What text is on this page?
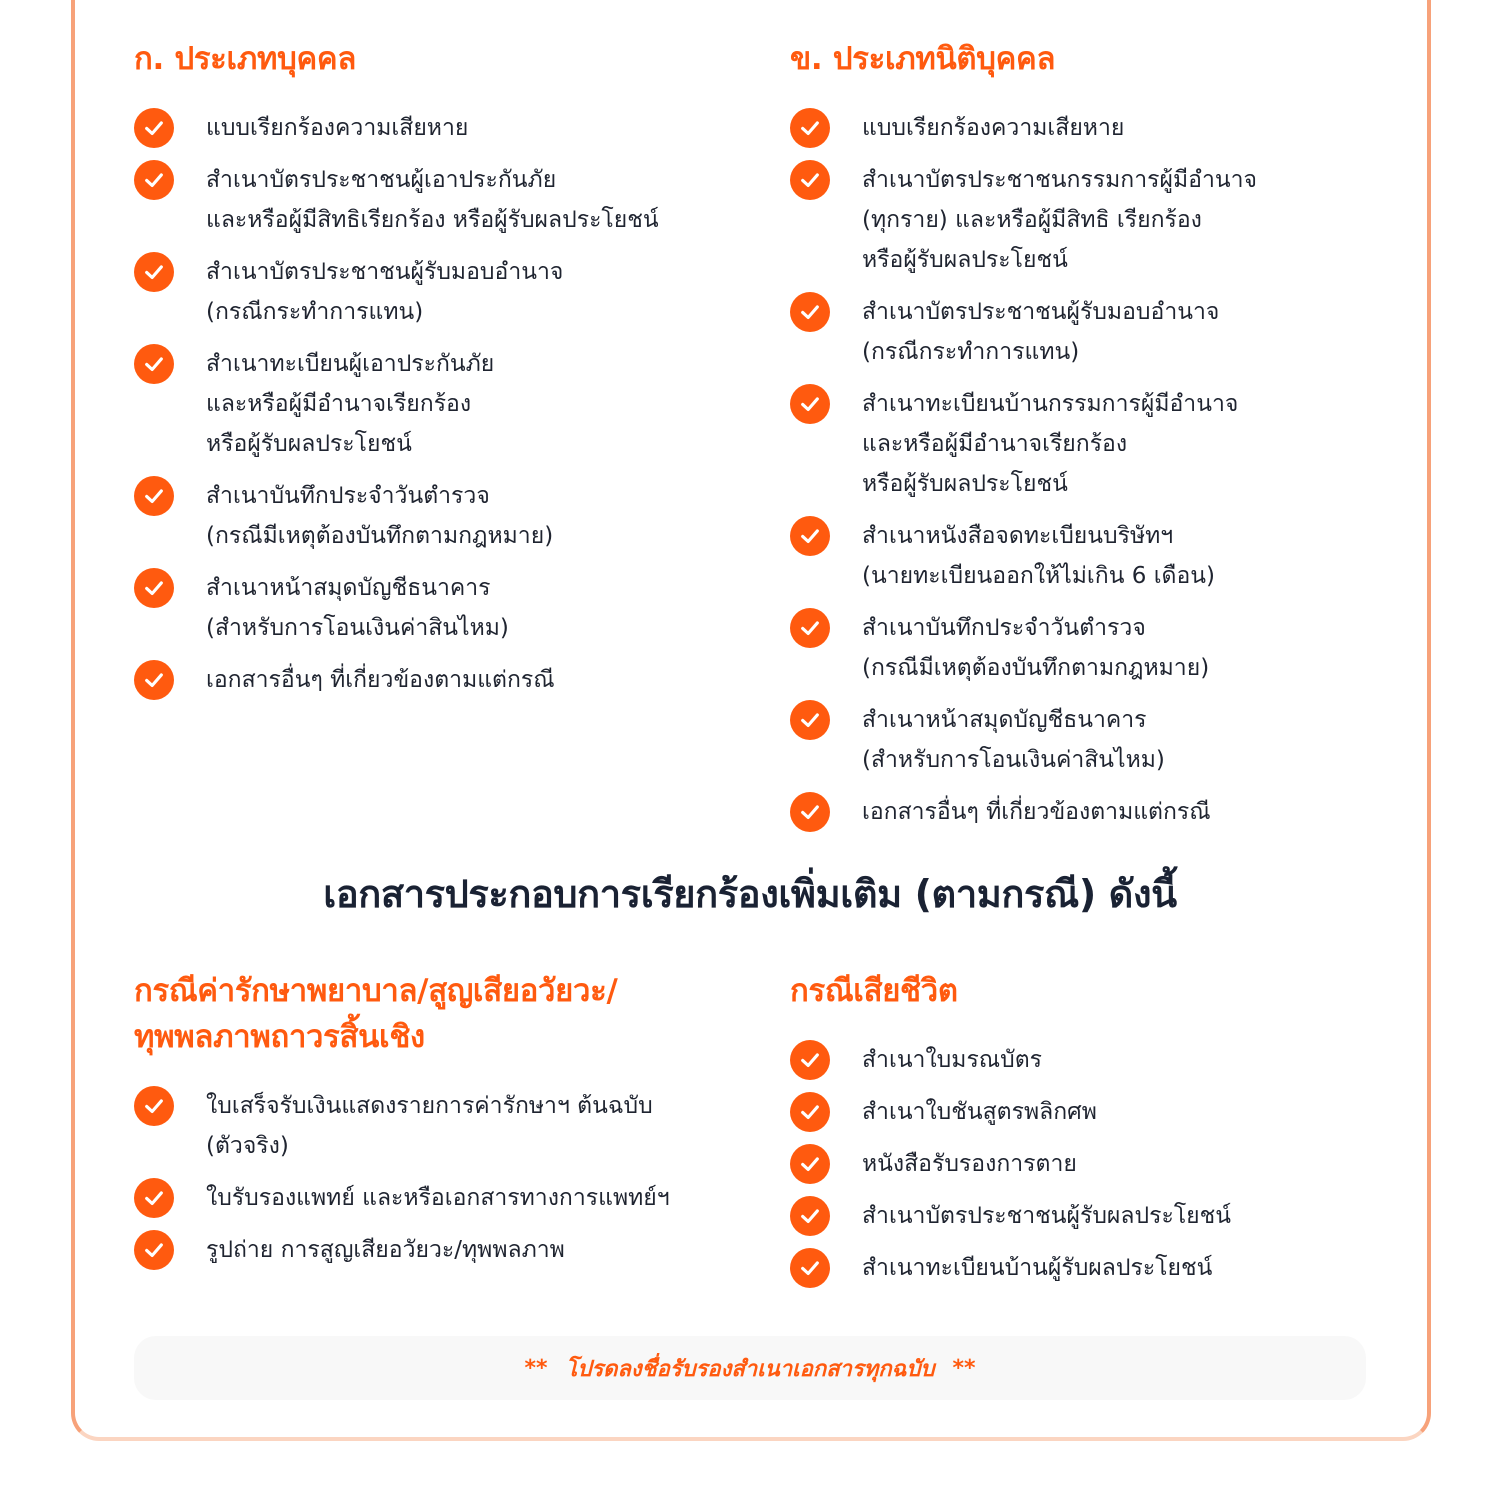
ก. ประเภทบุคคล
แบบเรียกร้องความเสียหาย
สำเนาบัตรประชาชนผู้เอาประกันภัย
และหรือผู้มีสิทธิเรียกร้อง หรือผู้รับผลประโยชน์
สำเนาบัตรประชาชนผู้รับมอบอำนาจ
(กรณีกระทำการแทน)
สำเนาทะเบียนผู้เอาประกันภัย
และหรือผู้มีอำนาจเรียกร้อง
หรือผู้รับผลประโยชน์
สำเนาบันทึกประจำวันตำรวจ
(กรณีมีเหตุต้องบันทึกตามกฎหมาย)
สำเนาหน้าสมุดบัญชีธนาคาร
(สำหรับการโอนเงินค่าสินไหม)
เอกสารอื่นๆ ที่เกี่ยวข้องตามแต่กรณี
ข. ประเภทนิติบุคคล
แบบเรียกร้องความเสียหาย
สำเนาบัตรประชาชนกรรมการผู้มีอำนาจ
(ทุกราย) และหรือผู้มีสิทธิ เรียกร้อง
หรือผู้รับผลประโยชน์
สำเนาบัตรประชาชนผู้รับมอบอำนาจ
(กรณีกระทำการแทน)
สำเนาทะเบียนบ้านกรรมการผู้มีอำนาจ
และหรือผู้มีอำนาจเรียกร้อง
หรือผู้รับผลประโยชน์
สำเนาหนังสือจดทะเบียนบริษัทฯ
(นายทะเบียนออกให้ไม่เกิน 6 เดือน)
สำเนาบันทึกประจำวันตำรวจ
(กรณีมีเหตุต้องบันทึกตามกฎหมาย)
สำเนาหน้าสมุดบัญชีธนาคาร
(สำหรับการโอนเงินค่าสินไหม)
เอกสารอื่นๆ ที่เกี่ยวข้องตามแต่กรณี
เอกสารประกอบการเรียกร้องเพิ่มเติม (ตามกรณี) ดังนี้
กรณีค่ารักษาพยาบาล/สูญเสียอวัยวะ/
ทุพพลภาพถาวรสิ้นเชิง
ใบเสร็จรับเงินแสดงรายการค่ารักษาฯ ต้นฉบับ
(ตัวจริง)
ใบรับรองแพทย์ และหรือเอกสารทางการแพทย์ฯ
รูปถ่าย การสูญเสียอวัยวะ/ทุพพลภาพ
กรณีเสียชีวิต
สำเนาใบมรณบัตร
สำเนาใบชันสูตรพลิกศพ
หนังสือรับรองการตาย
สำเนาบัตรประชาชนผู้รับผลประโยชน์
สำเนาทะเบียนบ้านผู้รับผลประโยชน์
** โปรดลงชื่อรับรองสำเนาเอกสารทุกฉบับ **
